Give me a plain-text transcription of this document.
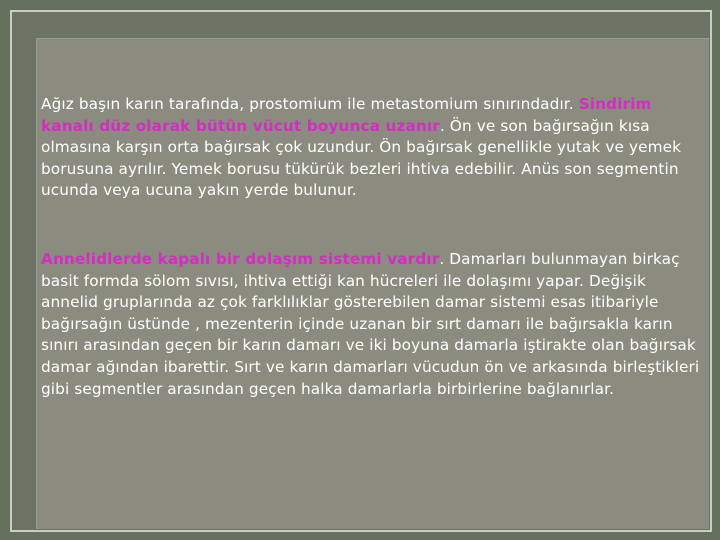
Ağız başın karın tarafında, prostomium ile metastomium sınırındadır. Sindirim kanalı düz olarak bütün vücut boyunca uzanır. Ön ve son bağırsağın kısa olmasına karşın orta bağırsak çok uzundur. Ön bağırsak genellikle yutak ve yemek borusuna ayrılır. Yemek borusu tükürük bezleri ihtiva edebilir. Anüs son segmentin ucunda veya ucuna yakın yerde bulunur.

Annelidlerde kapalı bir dolaşım sistemi vardır. Damarları bulunmayan birkaç basit formda sölom sıvısı, ihtiva ettiği kan hücreleri ile dolaşımı yapar. Değişik annelid gruplarında az çok farklılıklar gösterebilen damar sistemi esas itibariyle bağırsağın üstünde , mezenterin içinde uzanan bir sırt damarı ile bağırsakla karın sınırı arasından geçen bir karın damarı ve iki boyuna damarla iştirakte olan bağırsak damar ağından ibarettir. Sırt ve karın damarları vücudun ön ve arkasında birleştikleri gibi segmentler arasından geçen halka damarlarla birbirlerine bağlanırlar.
